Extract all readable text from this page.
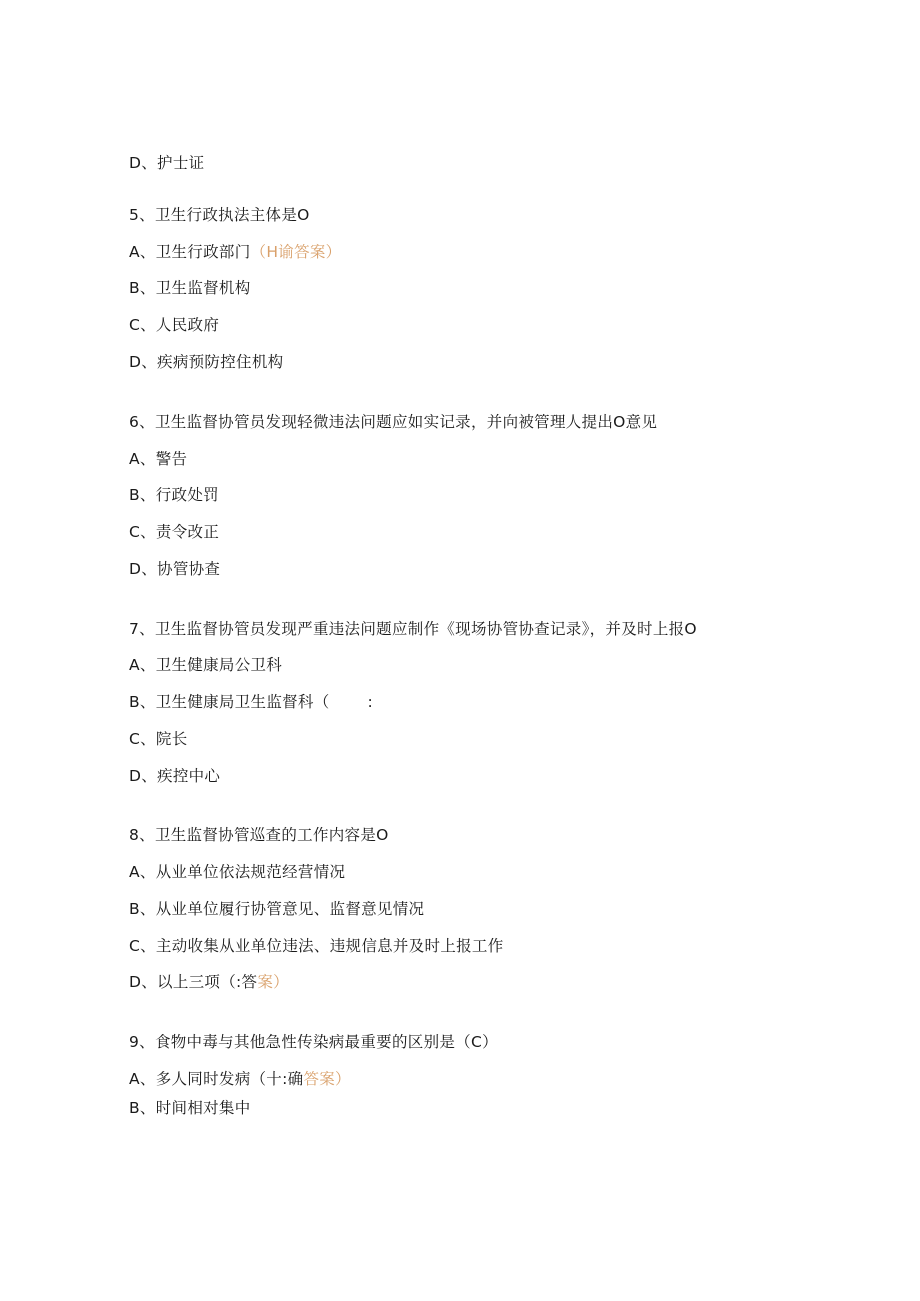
D、护士证
5、卫生行政执法主体是O
A、卫生行政部门（H谕答案）
B、卫生监督机构
C、人民政府
D、疾病预防控住机构
6、卫生监督协管员发现轻微违法问题应如实记录，并向被管理人提出O意见
A、警告
B、行政处罚
C、责令改正
D、协管协查
7、卫生监督协管员发现严重违法问题应制作《现场协管协查记录》，并及时上报O
A、卫生健康局公卫科
B、卫生健康局卫生监督科（ :
C、院长
D、疾控中心
8、卫生监督协管巡查的工作内容是O
A、从业单位依法规范经营情况
B、从业单位履行协管意见、监督意见情况
C、主动收集从业单位违法、违规信息并及时上报工作
D、以上三项（:答案）
9、食物中毒与其他急性传染病最重要的区别是（C）
A、多人同时发病（十:确答案）
B、时间相对集中
